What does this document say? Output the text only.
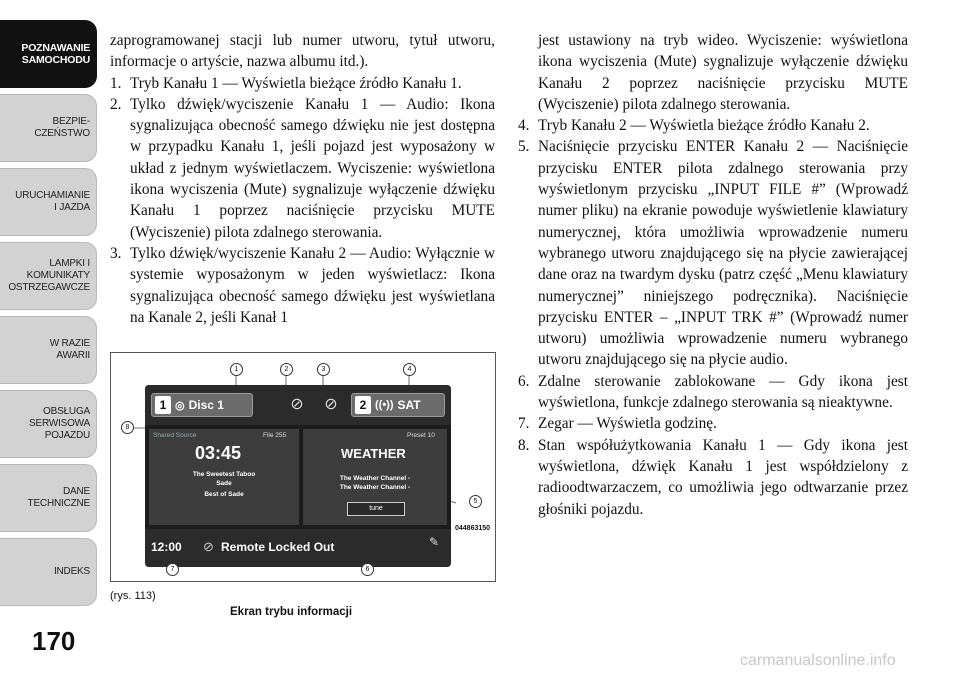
POZNAWANIE
SAMOCHODU
BEZPIE-
CZEŃSTWO
URUCHAMIANIE
I JAZDA
LAMPKI I
KOMUNIKATY
OSTRZEGAWCZE
W RAZIE
AWARII
OBSŁUGA
SERWISOWA
POJAZDU
DANE
TECHNICZNE
INDEKS
170

zaprogramowanej stacji lub numer utworu, tytuł utworu, informacje o artyście, nazwa albumu itd.).

1. Tryb Kanału 1 — Wyświetla bieżące źródło Kanału 1.
2. Tylko dźwięk/wyciszenie Kanału 1 — Audio: Ikona sygnalizująca obecność samego dźwięku nie jest dostępna w przypadku Kanału 1, jeśli pojazd jest wyposażony w układ z jednym wyświetlaczem. Wyciszenie: wyświetlona ikona wyciszenia (Mute) sygnalizuje wyłączenie dźwięku Kanału 1 poprzez naciśnięcie przycisku MUTE (Wyciszenie) pilota zdalnego sterowania.
3. Tylko dźwięk/wyciszenie Kanału 2 — Audio: Wyłącznie w systemie wyposażonym w jeden wyświetlacz: Ikona sygnalizująca obecność samego dźwięku jest wyświetlana na Kanale 2, jeśli Kanał 1
1 ◎ Disc 1	⊘ ⊘	2 ((•)) SAT
Shared Source	File 255
03:45
The Sweetest Taboo
Sade
Best of Sade
Preset 10
WEATHER
The Weather Channel -
The Weather Channel -
tune
12:00 ⊘ Remote Locked Out	✎
044863150
1	2	3	4
5
6
7
8
(rys. 113)
Ekran trybu informacji

jest ustawiony na tryb wideo. Wyciszenie: wyświetlona ikona wyciszenia (Mute) sygnalizuje wyłączenie dźwięku Kanału 2 poprzez naciśnięcie przycisku MUTE (Wyciszenie) pilota zdalnego sterowania.

4. Tryb Kanału 2 — Wyświetla bieżące źródło Kanału 2.
5. Naciśnięcie przycisku ENTER Kanału 2 — Naciśnięcie przycisku ENTER pilota zdalnego sterowania przy wyświetlonym przycisku „INPUT FILE #” (Wprowadź numer pliku) na ekranie powoduje wyświetlenie klawiatury numerycznej, która umożliwia wprowadzenie numeru wybranego utworu znajdującego się na płycie zawierającej dane oraz na twardym dysku (patrz część „Menu klawiatury numerycznej” niniejszego podręcznika). Naciśnięcie przycisku ENTER – „INPUT TRK #” (Wprowadź numer utworu) umożliwia wprowadzenie numeru wybranego utworu znajdującego się na płycie audio.
6. Zdalne sterowanie zablokowane — Gdy ikona jest wyświetlona, funkcje zdalnego sterowania są nieaktywne.
7. Zegar — Wyświetla godzinę.
8. Stan współużytkowania Kanału 1 — Gdy ikona jest wyświetlona, dźwięk Kanału 1 jest współdzielony z radioodtwarzaczem, co umożliwia jego odtwarzanie przez głośniki pojazdu.
carmanualsonline.info
